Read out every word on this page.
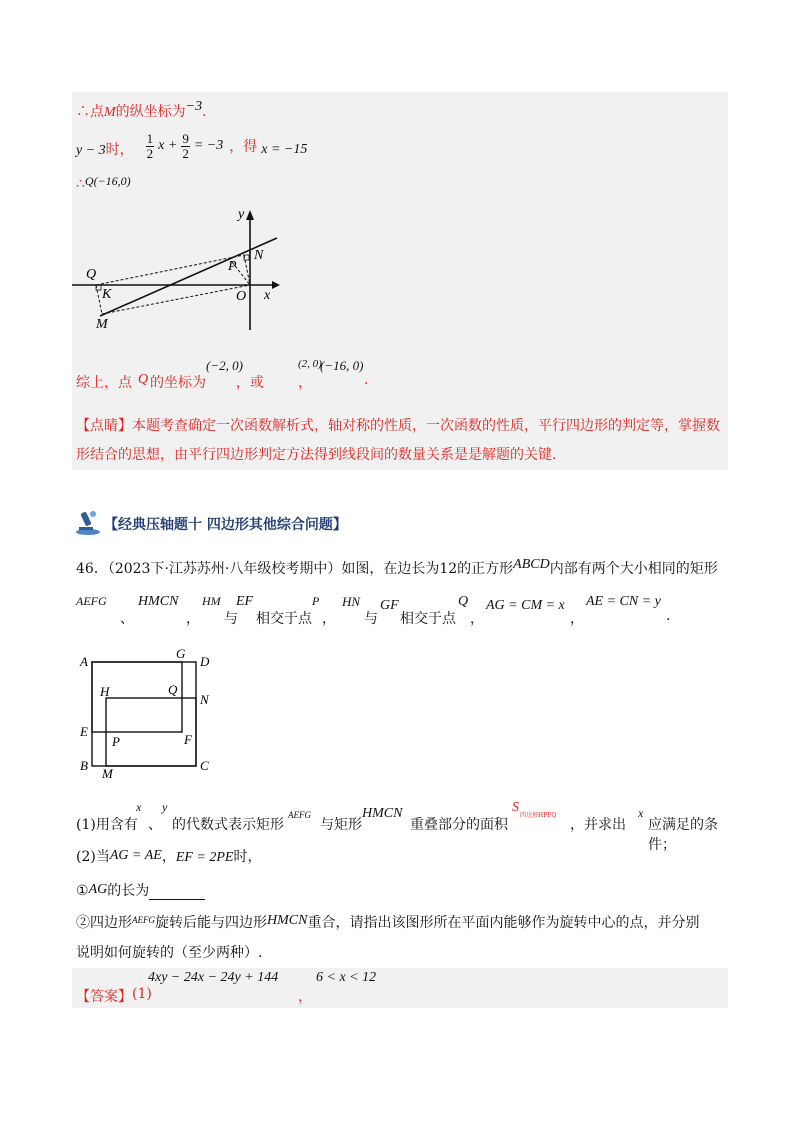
∴点M的纵坐标为−3.
y − 3 时， $\frac{1}{2}$ $x + \frac{9}{2} = -3$ ，得 x = −15
∴Q(−16,0)
y
x
N
P
Q
K	O
M
综上，点 Q 的坐标为
(−2, 0)
，或
(2, 0)
，
(−16, 0)
.
【点睛】本题考查确定一次函数解析式，轴对称的性质，一次函数的性质，平行四边形的判定等，掌握数
形结合的思想，由平行四边形判定方法得到线段间的数量关系是是解题的关键.
【经典压轴题十 四边形其他综合问题】
46．（2023下·江苏苏州·八年级校考期中）如图，在边长为12的正方形ABCD内部有两个大小相同的矩形
AEFG
、
HMCN
，
HM
与
EF
相交于点
P
，
HN
与
GF
相交于点
Q
，
AG = CM = x
，
AE = CN = y
.
A
G
D
H	Q
N
E
P	F
B
M
C
(1)用含有
x
、
y
的代数式表示矩形
AEFG
与矩形
HMCN
重叠部分的面积
S
四边形HPFQ
，并求出
x
应满足的条件；
(2)当AG = AE，EF = 2PE时，
①AG的长为
②四边形$^{AEFG}$旋转后能与四边形HMCN重合，请指出该图形所在平面内能够作为旋转中心的点，并分别
说明如何旋转的（至少两种）.
【答案】 (1)
4xy − 24x − 24y + 144
，
6 < x < 12
